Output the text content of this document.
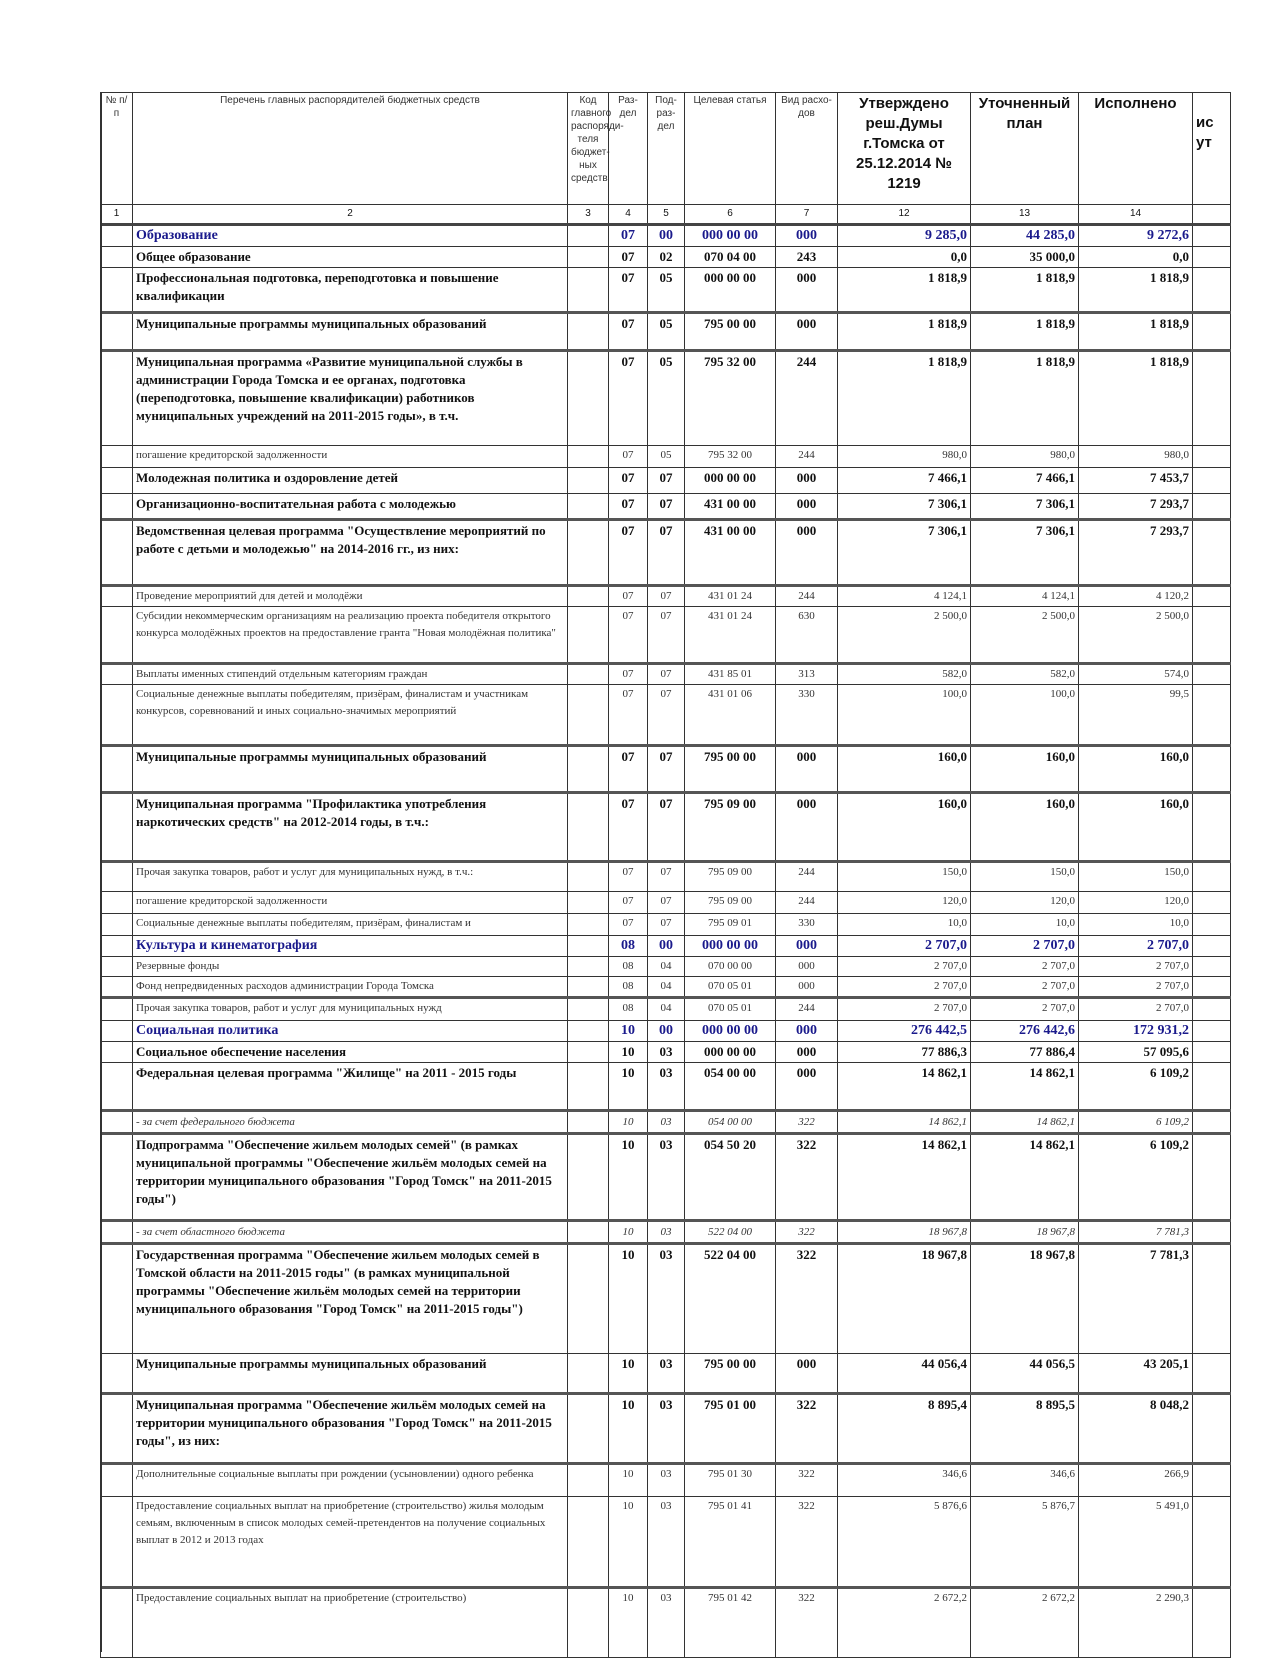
№ п/п	Перечень главных распорядителей бюджетных средств	Код главного распоряди-теля бюджет-ных средств	Раз-дел	Под-раз-дел	Целевая статья	Вид расхо-дов	Утверждено реш.Думы г.Томска от 25.12.2014 № 1219	Уточненный план	Исполнено	ис ут
1	2	3	4	5	6	7	12	13	14	
	Образование		07	00	000 00 00	000	9 285,0	44 285,0	9 272,6	
	Общее образование		07	02	070 04 00	243	0,0	35 000,0	0,0	
	Профессиональная подготовка, переподготовка и повышение квалификации		07	05	000 00 00	000	1 818,9	1 818,9	1 818,9	
	Муниципальные программы муниципальных образований		07	05	795 00 00	000	1 818,9	1 818,9	1 818,9	
	Муниципальная программа «Развитие муниципальной службы в администрации Города Томска и ее органах, подготовка (переподготовка, повышение квалификации) работников муниципальных учреждений на 2011-2015 годы», в т.ч.		07	05	795 32 00	244	1 818,9	1 818,9	1 818,9	
	погашение кредиторской задолженности		07	05	795 32 00	244	980,0	980,0	980,0	
	Молодежная политика и оздоровление детей		07	07	000 00 00	000	7 466,1	7 466,1	7 453,7	
	Организационно-воспитательная работа с молодежью		07	07	431 00 00	000	7 306,1	7 306,1	7 293,7	
	Ведомственная целевая программа "Осуществление мероприятий по работе с детьми и молодежью" на 2014-2016 гг., из них:		07	07	431 00 00	000	7 306,1	7 306,1	7 293,7	
	Проведение мероприятий для детей и молодёжи		07	07	431 01 24	244	4 124,1	4 124,1	4 120,2	
	Субсидии некоммерческим организациям на реализацию проекта победителя открытого конкурса молодёжных проектов на предоставление гранта "Новая молодёжная политика"		07	07	431 01 24	630	2 500,0	2 500,0	2 500,0	
	Выплаты именных стипендий отдельным категориям граждан		07	07	431 85 01	313	582,0	582,0	574,0	
	Социальные денежные выплаты победителям, призёрам, финалистам и участникам конкурсов, соревнований и иных социально-значимых мероприятий		07	07	431 01 06	330	100,0	100,0	99,5	
	Муниципальные программы муниципальных образований		07	07	795 00 00	000	160,0	160,0	160,0	
	Муниципальная программа "Профилактика употребления наркотических средств" на 2012-2014 годы, в т.ч.:		07	07	795 09 00	000	160,0	160,0	160,0	
	Прочая закупка товаров, работ и услуг для муниципальных нужд, в т.ч.:		07	07	795 09 00	244	150,0	150,0	150,0	
	погашение кредиторской задолженности		07	07	795 09 00	244	120,0	120,0	120,0	
	Социальные денежные выплаты победителям, призёрам, финалистам и		07	07	795 09 01	330	10,0	10,0	10,0	
	Культура и кинематография		08	00	000 00 00	000	2 707,0	2 707,0	2 707,0	
	Резервные фонды		08	04	070 00 00	000	2 707,0	2 707,0	2 707,0	
	Фонд непредвиденных расходов администрации Города Томска		08	04	070 05 01	000	2 707,0	2 707,0	2 707,0	
	Прочая закупка товаров, работ и услуг для муниципальных нужд		08	04	070 05 01	244	2 707,0	2 707,0	2 707,0	
	Социальная политика		10	00	000 00 00	000	276 442,5	276 442,6	172 931,2	
	Социальное обеспечение населения		10	03	000 00 00	000	77 886,3	77 886,4	57 095,6	
	Федеральная целевая программа "Жилище" на 2011 - 2015 годы		10	03	054 00 00	000	14 862,1	14 862,1	6 109,2	
	- за счет федерального бюджета		10	03	054 00 00	322	14 862,1	14 862,1	6 109,2	
	Подпрограмма "Обеспечение жильем молодых семей" (в рамках муниципальной программы "Обеспечение жильём молодых семей на территории муниципального образования "Город Томск" на 2011-2015 годы")		10	03	054 50 20	322	14 862,1	14 862,1	6 109,2	
	- за счет областного бюджета		10	03	522 04 00	322	18 967,8	18 967,8	7 781,3	
	Государственная программа "Обеспечение жильем молодых семей в Томской области на 2011-2015 годы" (в рамках муниципальной программы "Обеспечение жильём молодых семей на территории муниципального образования "Город Томск" на 2011-2015 годы")		10	03	522 04 00	322	18 967,8	18 967,8	7 781,3	
	Муниципальные программы муниципальных образований		10	03	795 00 00	000	44 056,4	44 056,5	43 205,1	
	Муниципальная программа "Обеспечение жильём молодых семей на территории муниципального образования "Город Томск" на 2011-2015 годы", из них:		10	03	795 01 00	322	8 895,4	8 895,5	8 048,2	
	Дополнительные социальные выплаты при рождении (усыновлении) одного ребенка		10	03	795 01 30	322	346,6	346,6	266,9	
	Предоставление социальных выплат на приобретение (строительство) жилья молодым семьям, включенным в список молодых семей-претендентов на получение социальных выплат в 2012 и 2013 годах		10	03	795 01 41	322	5 876,6	5 876,7	5 491,0	
	Предоставление социальных выплат на приобретение (строительство)		10	03	795 01 42	322	2 672,2	2 672,2	2 290,3	
